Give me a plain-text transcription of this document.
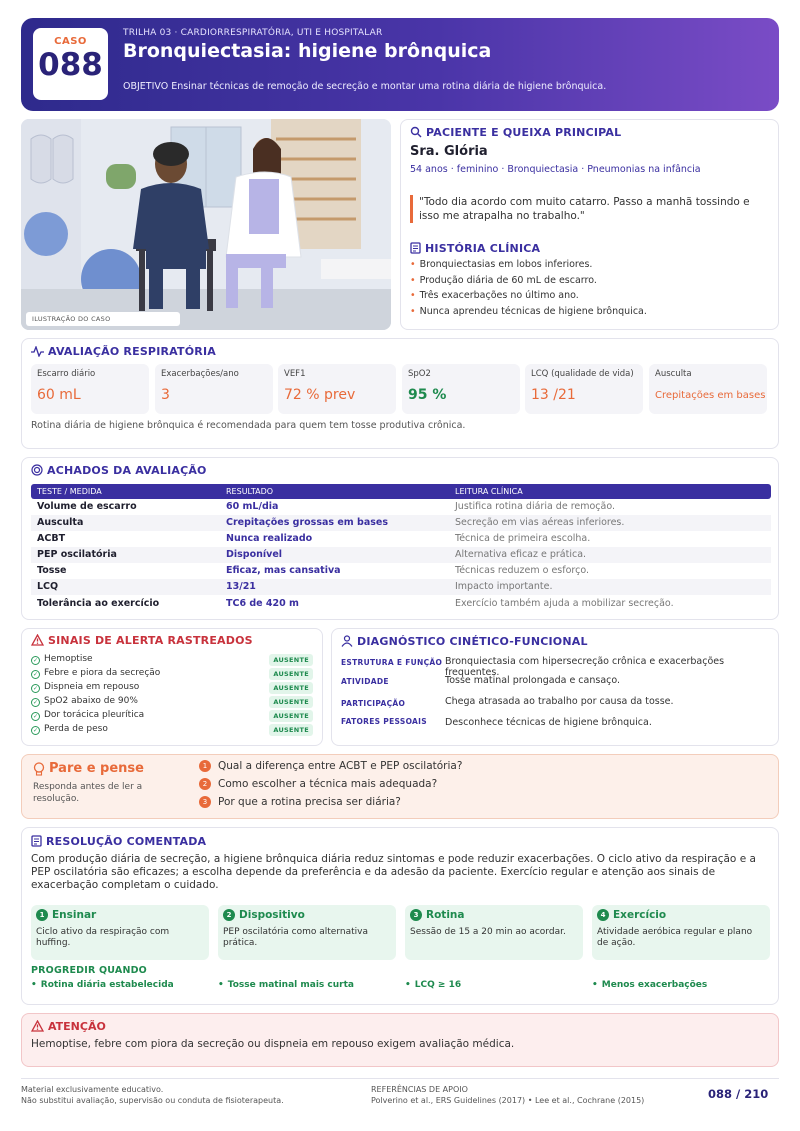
CASO
088
TRILHA 03 · CARDIORRESPIRATÓRIA, UTI E HOSPITALAR
Bronquiectasia: higiene brônquica
OBJETIVO Ensinar técnicas de remoção de secreção e montar uma rotina diária de higiene brônquica.
ILUSTRAÇÃO DO CASO
PACIENTE E QUEIXA PRINCIPAL
Sra. Glória
54 anos · feminino · Bronquiectasia · Pneumonias na infância
"Todo dia acordo com muito catarro. Passo a manhã tossindo e isso me atrapalha no trabalho."
HISTÓRIA CLÍNICA
• Bronquiectasias em lobos inferiores.
• Produção diária de 60 mL de escarro.
• Três exacerbações no último ano.
• Nunca aprendeu técnicas de higiene brônquica.
AVALIAÇÃO RESPIRATÓRIA
Escarro diário
60 mL
Exacerbações/ano
3
VEF1
72 % prev
SpO2
95 %
LCQ (qualidade de vida)
13 /21
Ausculta
Crepitações em bases
Rotina diária de higiene brônquica é recomendada para quem tem tosse produtiva crônica.
ACHADOS DA AVALIAÇÃO
TESTE / MEDIDA	RESULTADO	LEITURA CLÍNICA
Volume de escarro	60 mL/dia	Justifica rotina diária de remoção.
Ausculta	Crepitações grossas em bases	Secreção em vias aéreas inferiores.
ACBT	Nunca realizado	Técnica de primeira escolha.
PEP oscilatória	Disponível	Alternativa eficaz e prática.
Tosse	Eficaz, mas cansativa	Técnicas reduzem o esforço.
LCQ	13/21	Impacto importante.
Tolerância ao exercício	TC6 de 420 m	Exercício também ajuda a mobilizar secreção.
SINAIS DE ALERTA RASTREADOS
✓ Hemoptise	AUSENTE
✓ Febre e piora da secreção	AUSENTE
✓ Dispneia em repouso	AUSENTE
✓ SpO2 abaixo de 90%	AUSENTE
✓ Dor torácica pleurítica	AUSENTE
✓ Perda de peso	AUSENTE
DIAGNÓSTICO CINÉTICO-FUNCIONAL
ESTRUTURA E FUNÇÃO Bronquiectasia com hipersecreção crônica e exacerbações frequentes.
ATIVIDADE	Tosse matinal prolongada e cansaço.
PARTICIPAÇÃO	Chega atrasada ao trabalho por causa da tosse.
FATORES PESSOAIS Desconhece técnicas de higiene brônquica.
Pare e pense
Responda antes de ler a resolução.
1 Qual a diferença entre ACBT e PEP oscilatória?
2 Como escolher a técnica mais adequada?
3 Por que a rotina precisa ser diária?
RESOLUÇÃO COMENTADA
Com produção diária de secreção, a higiene brônquica diária reduz sintomas e pode reduzir exacerbações. O ciclo ativo da respiração e a PEP oscilatória são eficazes; a escolha depende da preferência e da adesão da paciente. Exercício regular e atenção aos sinais de exacerbação completam o cuidado.
1 Ensinar
Ciclo ativo da respiração com huffing.
2 Dispositivo
PEP oscilatória como alternativa prática.
3 Rotina
Sessão de 15 a 20 min ao acordar.
4 Exercício
Atividade aeróbica regular e plano de ação.
PROGREDIR QUANDO
• Rotina diária estabelecida	• Tosse matinal mais curta	• LCQ ≥ 16	• Menos exacerbações
ATENÇÃO
Hemoptise, febre com piora da secreção ou dispneia em repouso exigem avaliação médica.
Material exclusivamente educativo.
Não substitui avaliação, supervisão ou conduta de fisioterapeuta.
REFERÊNCIAS DE APOIO
Polverino et al., ERS Guidelines (2017) • Lee et al., Cochrane (2015)	088 / 210
